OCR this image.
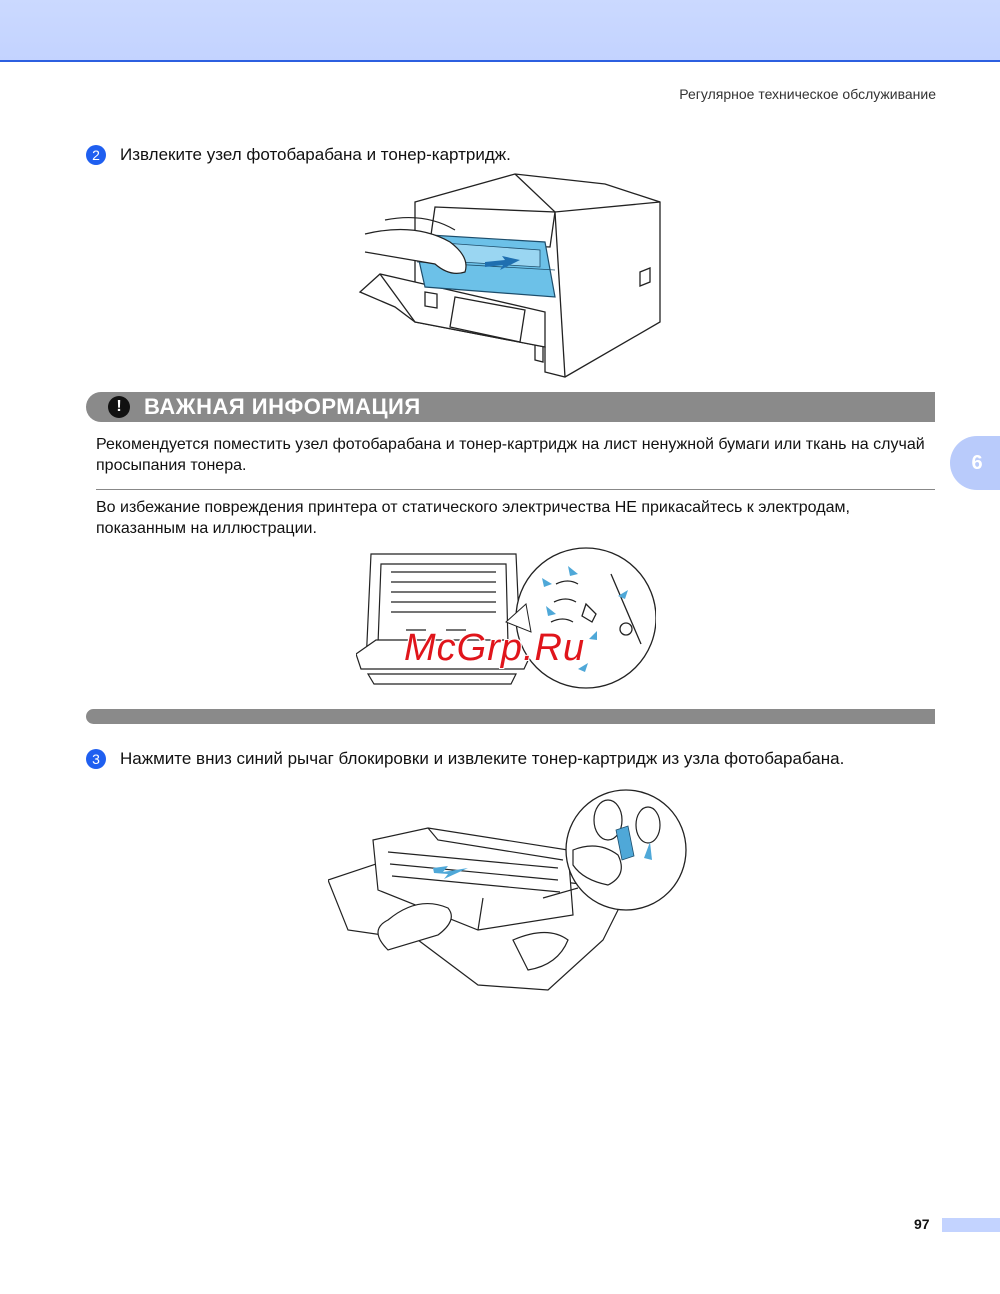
Регулярное техническое обслуживание
2	Извлеките узел фотобарабана и тонер-картридж.
!	ВАЖНАЯ ИНФОРМАЦИЯ
Рекомендуется поместить узел фотобарабана и тонер-картридж на лист ненужной бумаги или ткань на случай просыпания тонера.
Во избежание повреждения принтера от статического электричества НЕ прикасайтесь к электродам, показанным на иллюстрации.
McGrp.Ru
3	Нажмите вниз синий рычаг блокировки и извлеките тонер-картридж из узла фотобарабана.
6
97
